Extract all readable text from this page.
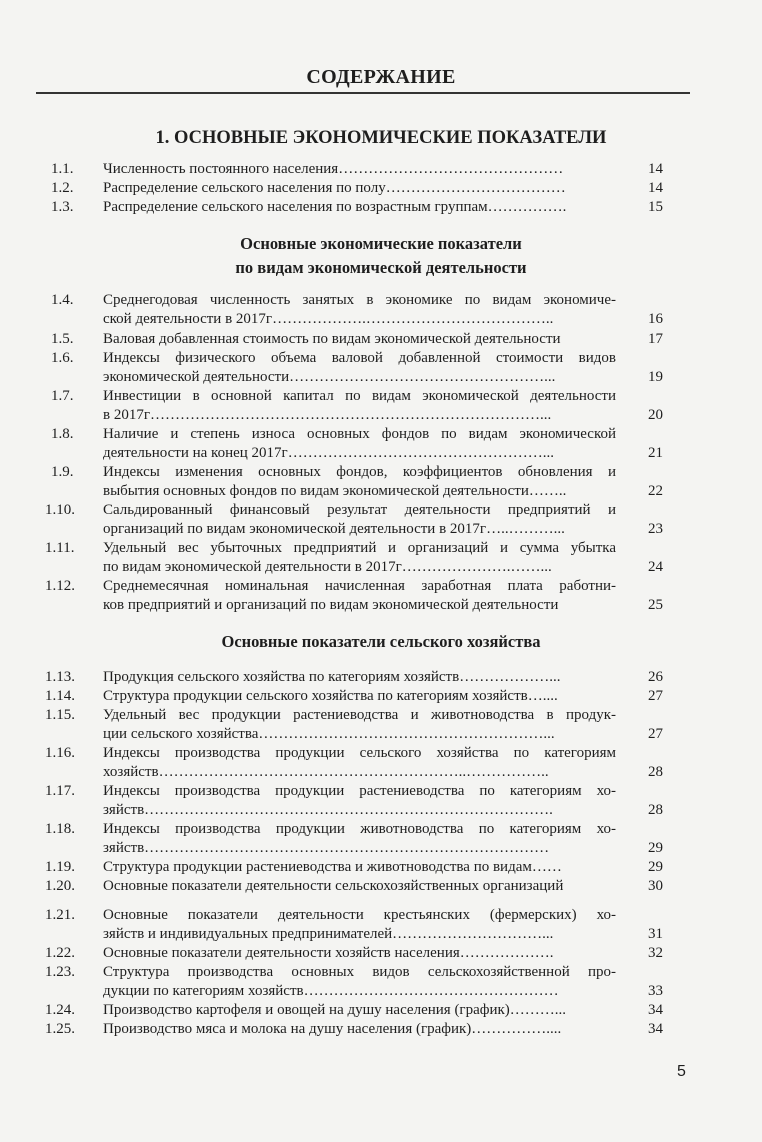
СОДЕРЖАНИЕ
1. ОСНОВНЫЕ ЭКОНОМИЧЕСКИЕ ПОКАЗАТЕЛИ
Основные экономические показатели
по видам экономической деятельности
Основные показатели сельского хозяйства
1.1. Численность постоянного населения………………………………………	14
1.2. Распределение сельского населения по полу………………………………	14
1.3. Распределение сельского населения по возрастным группам…………….	15
1.4. Среднегодовая численность занятых в экономике по видам экономиче-
ской деятельности в 2017г……………….………………………………..	16
1.5. Валовая добавленная стоимость по видам экономической деятельности	17
1.6. Индексы физического объема валовой добавленной стоимости видов
экономической деятельности……………………………………………...	19
1.7. Инвестиции в основной капитал по видам экономической деятельности
в 2017г……………………………………………………………………...	20
1.8. Наличие и степень износа основных фондов по видам экономической
деятельности на конец 2017г……………………………………………...	21
1.9. Индексы изменения основных фондов, коэффициентов обновления и
выбытия основных фондов по видам экономической деятельности……..	22
1.10. Сальдированный финансовый результат деятельности предприятий и
организаций по видам экономической деятельности в 2017г…..………...	23
1.11. Удельный вес убыточных предприятий и организаций и сумма убытка
по видам экономической деятельности в 2017г………………….……...	24
1.12. Среднемесячная номинальная начисленная заработная плата работни-
ков предприятий и организаций по видам экономической деятельности	25
1.13. Продукция сельского хозяйства по категориям хозяйств………………...	26
1.14. Структура продукции сельского хозяйства по категориям хозяйств…....	27
1.15. Удельный вес продукции растениеводства и животноводства в продук-
ции сельского хозяйства…………………………………………………...	27
1.16. Индексы производства продукции сельского хозяйства по категориям
хозяйств……………………………………………………..……………..	28
1.17. Индексы производства продукции растениеводства по категориям хо-
зяйств……………………………………………………………………….	28
1.18. Индексы производства продукции животноводства по категориям хо-
зяйств………………………………………………………………………	29
1.19. Структура продукции растениеводства и животноводства по видам……	29
1.20. Основные показатели деятельности сельскохозяйственных организаций	30
1.21. Основные показатели деятельности крестьянских (фермерских) хо-
зяйств и индивидуальных предпринимателей…………………………...	31
1.22. Основные показатели деятельности хозяйств населения……………….	32
1.23. Структура производства основных видов сельскохозяйственной про-
дукции по категориям хозяйств……………………………………………	33
1.24. Производство картофеля и овощей на душу населения (график)………...	34
1.25. Производство мяса и молока на душу населения (график)……………....	34
5
